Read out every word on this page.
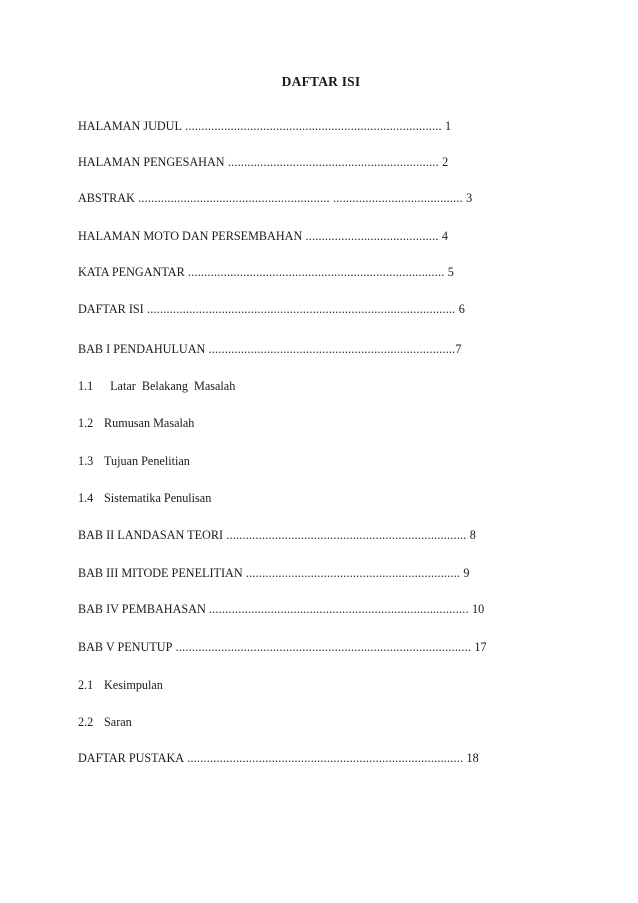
DAFTAR ISI
HALAMAN JUDUL ............................................................................... 1
HALAMAN PENGESAHAN ................................................................. 2
ABSTRAK ........................................................... ........................................ 3
HALAMAN MOTO DAN PERSEMBAHAN ......................................... 4
KATA PENGANTAR ............................................................................... 5
DAFTAR ISI ............................................................................................... 6
BAB I PENDAHULUAN ............................................................................7
1.1  Latar  Belakang  Masalah
1.2 Rumusan Masalah
1.3 Tujuan Penelitian
1.4 Sistematika Penulisan
BAB II LANDASAN TEORI .......................................................................... 8
BAB III MITODE PENELITIAN .................................................................. 9
BAB IV PEMBAHASAN ................................................................................ 10
BAB V PENUTUP ........................................................................................... 17
2.1 Kesimpulan
2.2 Saran
DAFTAR PUSTAKA ..................................................................................... 18
